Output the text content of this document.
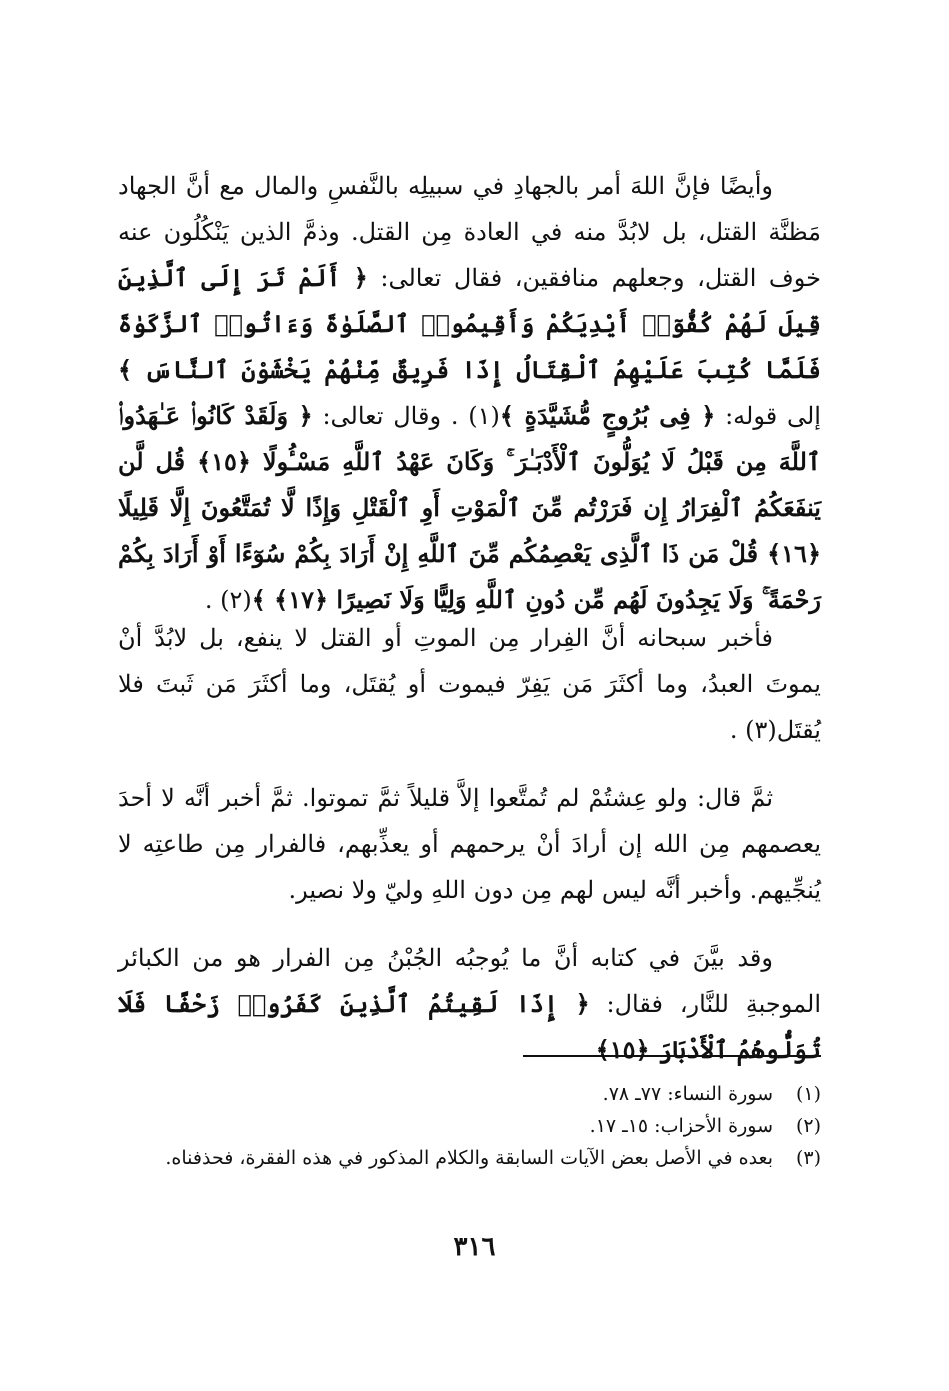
وأيضًا فإنَّ اللهَ أمر بالجهادِ في سبيلِه بالنَّفسِ والمال مع أنَّ الجهاد مَظنَّة القتل، بل لابُدَّ منه في العادة مِن القتل. وذمَّ الذين يَنْكُلُون عنه خوف القتل، وجعلهم منافقين، فقال تعالى: ﴿ أَلَمْ تَرَ إِلَى ٱلَّذِينَ قِيلَ لَهُمْ كُفُّوٓا۟ أَيْدِيَكُمْ وَأَقِيمُوا۟ ٱلصَّلَوٰةَ وَءَاتُوا۟ ٱلزَّكَوٰةَ فَلَمَّا كُتِبَ عَلَيْهِمُ ٱلْقِتَالُ إِذَا فَرِيقٌ مِّنْهُمْ يَخْشَوْنَ ٱلنَّاسَ ﴾ إلى قوله: ﴿ فِى بُرُوجٍ مُّشَيَّدَةٍ ﴾(١) . وقال تعالى: ﴿ وَلَقَدْ كَانُوا۟ عَـٰهَدُوا۟ ٱللَّهَ مِن قَبْلُ لَا يُوَلُّونَ ٱلْأَدْبَـٰرَ ۚ وَكَانَ عَهْدُ ٱللَّهِ مَسْـُٔولًا ﴿١٥﴾ قُل لَّن يَنفَعَكُمُ ٱلْفِرَارُ إِن فَرَرْتُم مِّنَ ٱلْمَوْتِ أَوِ ٱلْقَتْلِ وَإِذًا لَّا تُمَتَّعُونَ إِلَّا قَلِيلًا ﴿١٦﴾ قُلْ مَن ذَا ٱلَّذِى يَعْصِمُكُم مِّنَ ٱللَّهِ إِنْ أَرَادَ بِكُمْ سُوٓءًا أَوْ أَرَادَ بِكُمْ رَحْمَةً ۚ وَلَا يَجِدُونَ لَهُم مِّن دُونِ ٱللَّهِ وَلِيًّا وَلَا نَصِيرًا ﴿١٧﴾ ﴾(٢) .

فأخبر سبحانه أنَّ الفِرار مِن الموتِ أو القتل لا ينفع، بل لابُدَّ أنْ يموتَ العبدُ، وما أكثَرَ مَن يَفِرّ فيموت أو يُقتَل، وما أكثَرَ مَن ثَبتَ فلا يُقتَل(٣) .

ثمَّ قال: ولو عِشتُمْ لم تُمتَّعوا إلاَّ قليلاً ثمَّ تموتوا. ثمَّ أخبر أنَّه لا أحدَ يعصمهم مِن الله إن أرادَ أنْ يرحمهم أو يعذِّبهم، فالفرار مِن طاعتِه لا يُنجِّيهم. وأخبر أنَّه ليس لهم مِن دون اللهِ وليّ ولا نصير.

وقد بيَّنَ في كتابه أنَّ ما يُوجبُه الجُبْنُ مِن الفرار هو من الكبائر الموجبةِ للنَّار، فقال: ﴿ إِذَا لَقِيتُمُ ٱلَّذِينَ كَفَرُوا۟ زَحْفًا فَلَا تُوَلُّوهُمُ ٱلْأَدْبَارَ ﴿١٥﴾

(١)
سورة النساء: ٧٧ـ ٧٨.
(٢)
سورة الأحزاب: ١٥ـ ١٧.
(٣)
بعده في الأصل بعض الآيات السابقة والكلام المذكور في هذه الفقرة، فحذفناه.
٣١٦
